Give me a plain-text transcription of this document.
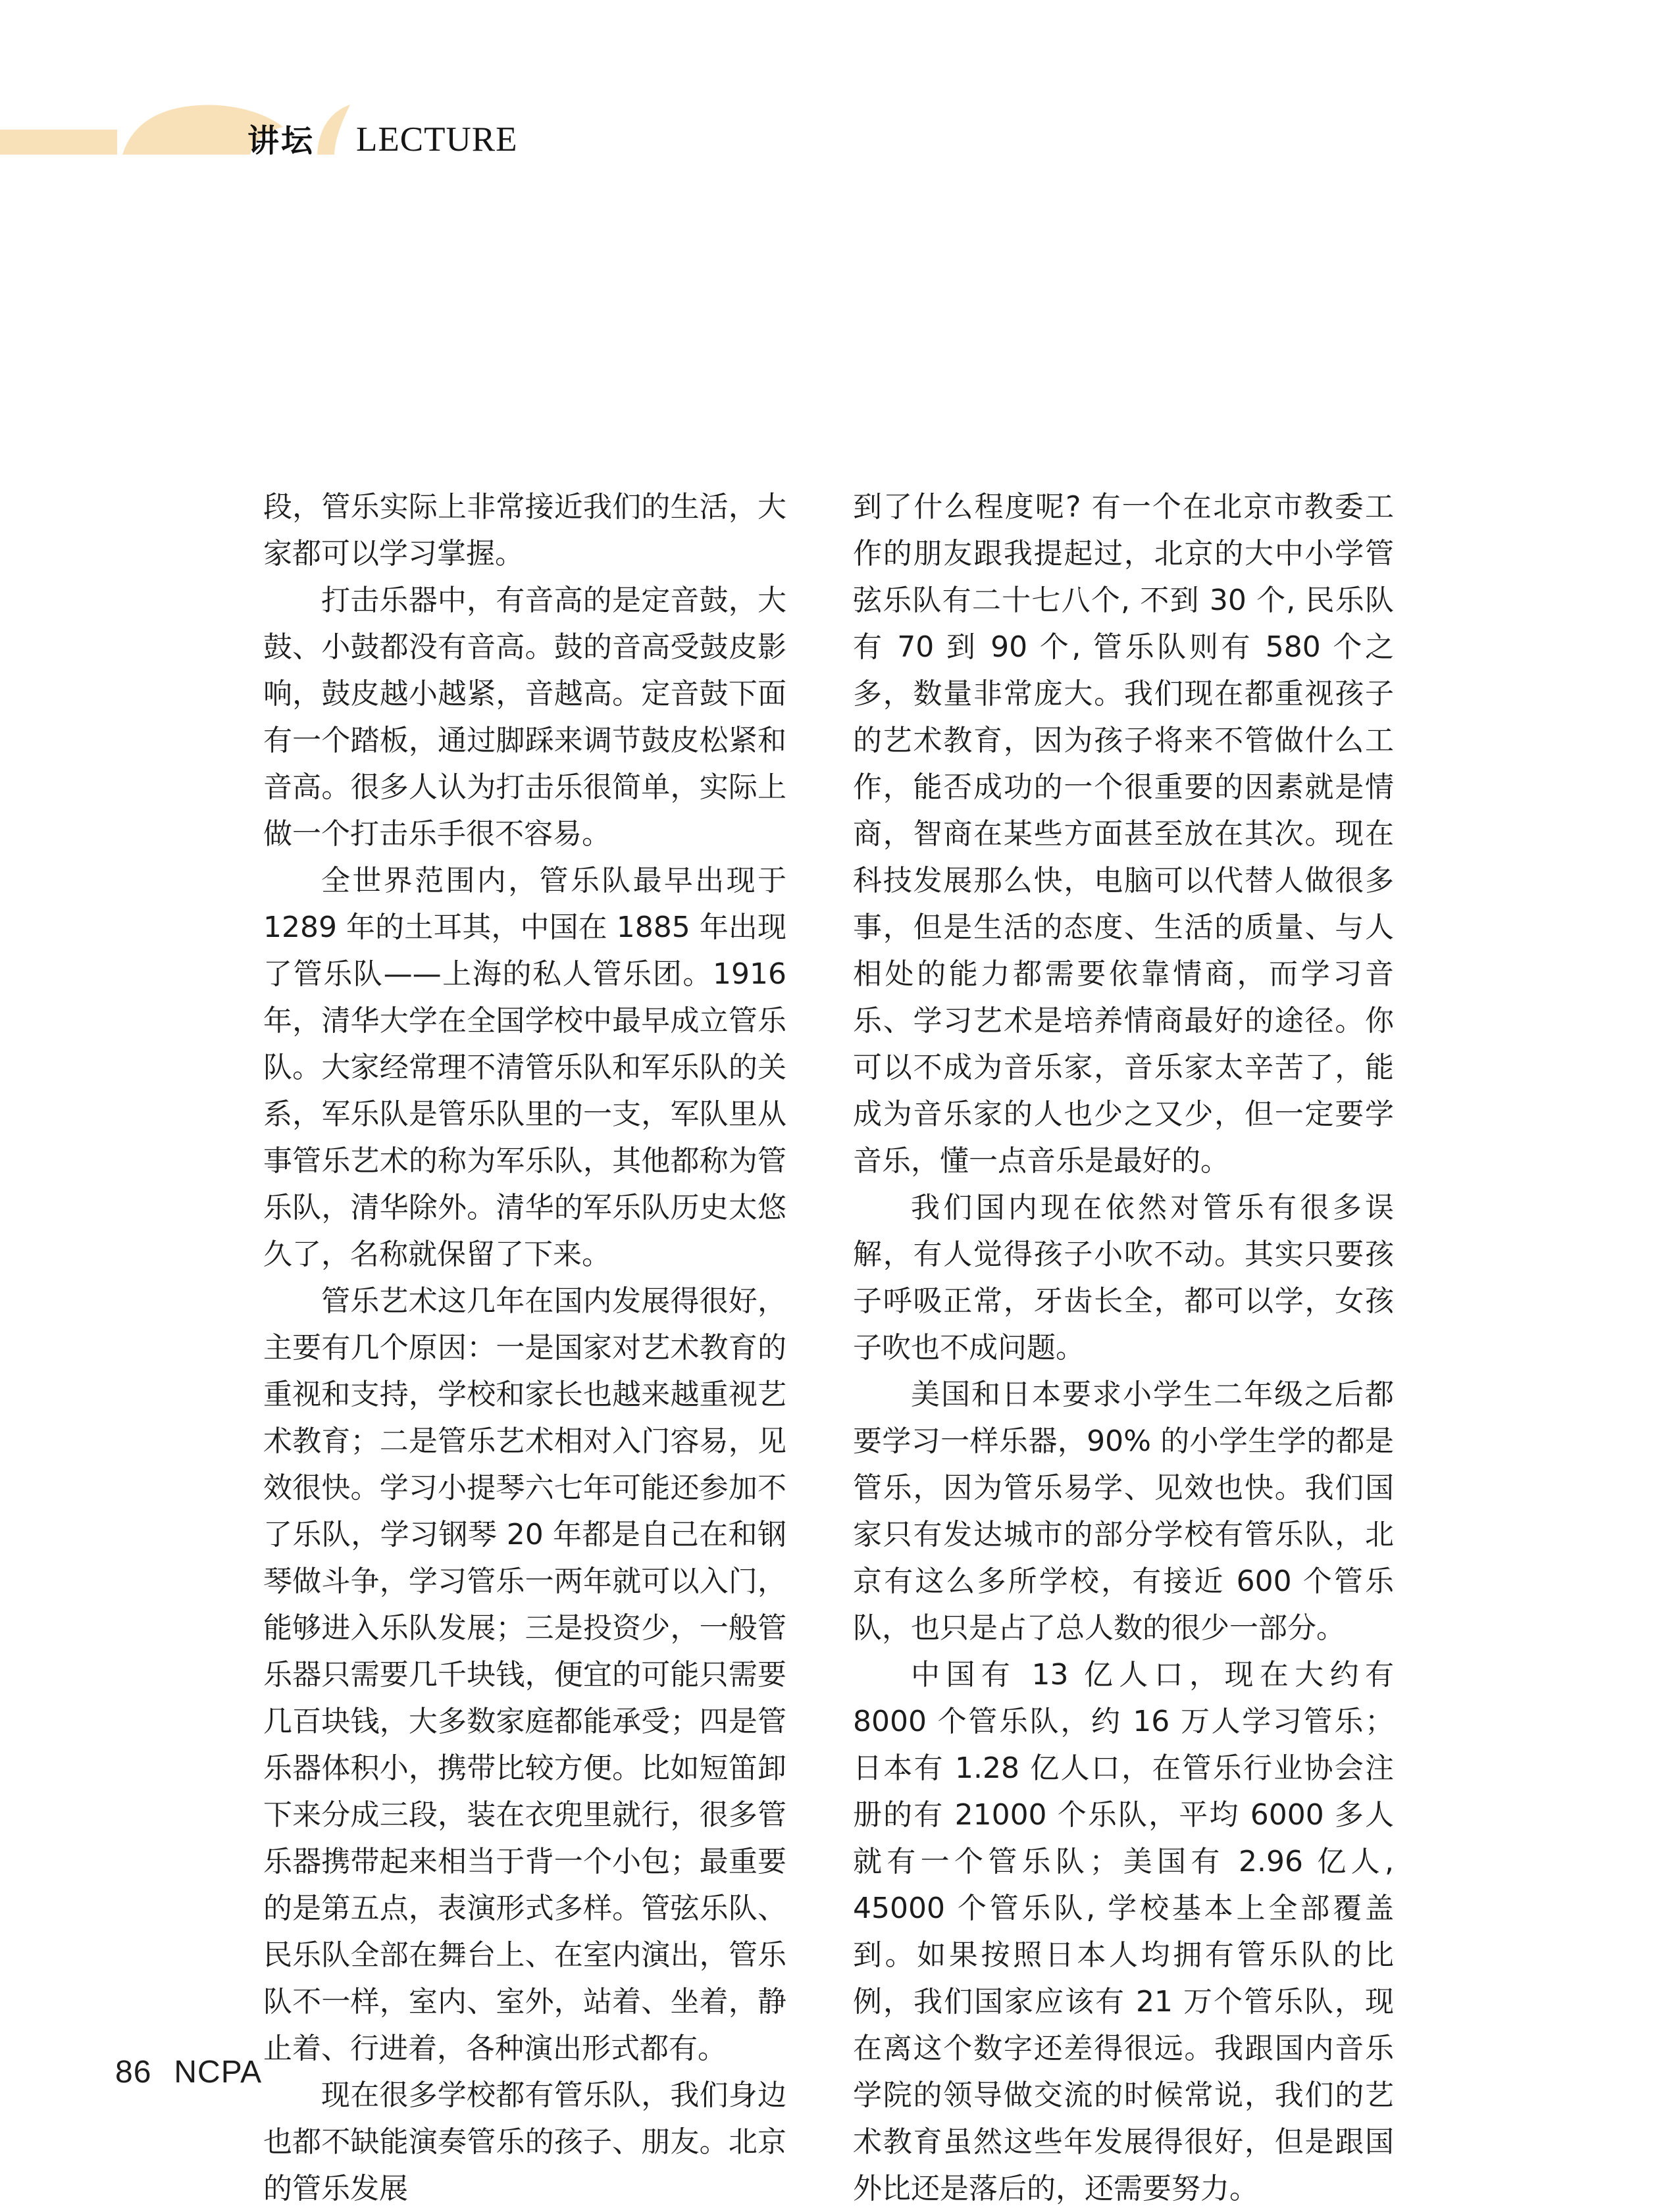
讲坛 LECTURE

段，管乐实际上非常接近我们的生活，大家都可以学习掌握。

打击乐器中，有音高的是定音鼓，大鼓、小鼓都没有音高。鼓的音高受鼓皮影响，鼓皮越小越紧，音越高。定音鼓下面有一个踏板，通过脚踩来调节鼓皮松紧和音高。很多人认为打击乐很简单，实际上做一个打击乐手很不容易。

全世界范围内，管乐队最早出现于 1289 年的土耳其，中国在 1885 年出现了管乐队——上海的私人管乐团。1916 年，清华大学在全国学校中最早成立管乐队。大家经常理不清管乐队和军乐队的关系，军乐队是管乐队里的一支，军队里从事管乐艺术的称为军乐队，其他都称为管乐队，清华除外。清华的军乐队历史太悠久了，名称就保留了下来。

管乐艺术这几年在国内发展得很好，主要有几个原因：一是国家对艺术教育的重视和支持，学校和家长也越来越重视艺术教育；二是管乐艺术相对入门容易，见效很快。学习小提琴六七年可能还参加不了乐队，学习钢琴 20 年都是自己在和钢琴做斗争，学习管乐一两年就可以入门，能够进入乐队发展；三是投资少，一般管乐器只需要几千块钱，便宜的可能只需要几百块钱，大多数家庭都能承受；四是管乐器体积小，携带比较方便。比如短笛卸下来分成三段，装在衣兜里就行，很多管乐器携带起来相当于背一个小包；最重要的是第五点，表演形式多样。管弦乐队、民乐队全部在舞台上、在室内演出，管乐队不一样，室内、室外，站着、坐着，静止着、行进着，各种演出形式都有。

现在很多学校都有管乐队，我们身边也都不缺能演奏管乐的孩子、朋友。北京的管乐发展

到了什么程度呢? 有一个在北京市教委工作的朋友跟我提起过，北京的大中小学管弦乐队有二十七八个, 不到 30 个, 民乐队有 70 到 90 个, 管乐队则有 580 个之多，数量非常庞大。我们现在都重视孩子的艺术教育，因为孩子将来不管做什么工作，能否成功的一个很重要的因素就是情商，智商在某些方面甚至放在其次。现在科技发展那么快，电脑可以代替人做很多事，但是生活的态度、生活的质量、与人相处的能力都需要依靠情商，而学习音乐、学习艺术是培养情商最好的途径。你可以不成为音乐家，音乐家太辛苦了，能成为音乐家的人也少之又少，但一定要学音乐，懂一点音乐是最好的。

我们国内现在依然对管乐有很多误解，有人觉得孩子小吹不动。其实只要孩子呼吸正常，牙齿长全，都可以学，女孩子吹也不成问题。

美国和日本要求小学生二年级之后都要学习一样乐器，90% 的小学生学的都是管乐，因为管乐易学、见效也快。我们国家只有发达城市的部分学校有管乐队，北京有这么多所学校，有接近 600 个管乐队，也只是占了总人数的很少一部分。

中国有 13 亿人口，现在大约有 8000 个管乐队，约 16 万人学习管乐；日本有 1.28 亿人口，在管乐行业协会注册的有 21000 个乐队，平均 6000 多人就有一个管乐队；美国有 2.96 亿人, 45000 个管乐队, 学校基本上全部覆盖到。如果按照日本人均拥有管乐队的比例，我们国家应该有 21 万个管乐队，现在离这个数字还差得很远。我跟国内音乐学院的领导做交流的时候常说，我们的艺术教育虽然这些年发展得很好，但是跟国外比还是落后的，还需要努力。

86 NCPA
